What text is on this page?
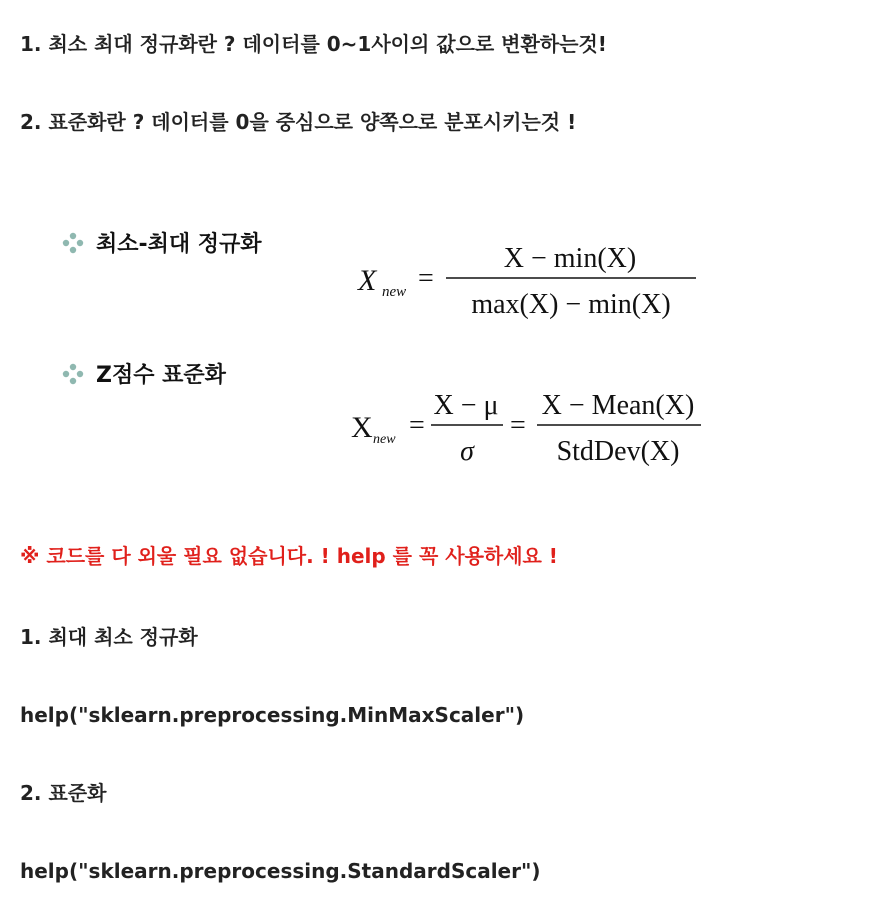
1. 최소 최대 정규화란 ? 데이터를 0~1사이의 값으로 변환하는것!
2. 표준화란 ? 데이터를 0을 중심으로 양쪽으로 분포시키는것 !
최소-최대 정규화
Z점수 표준화
X new =
X − min(X)
max(X) − min(X)
X new =
X − μ
σ
=
X − Mean(X)
StdDev(X)
※ 코드를 다 외울 필요 없습니다. ! help 를 꼭 사용하세요 !
1. 최대 최소 정규화
help("sklearn.preprocessing.MinMaxScaler")
2. 표준화
help("sklearn.preprocessing.StandardScaler")
